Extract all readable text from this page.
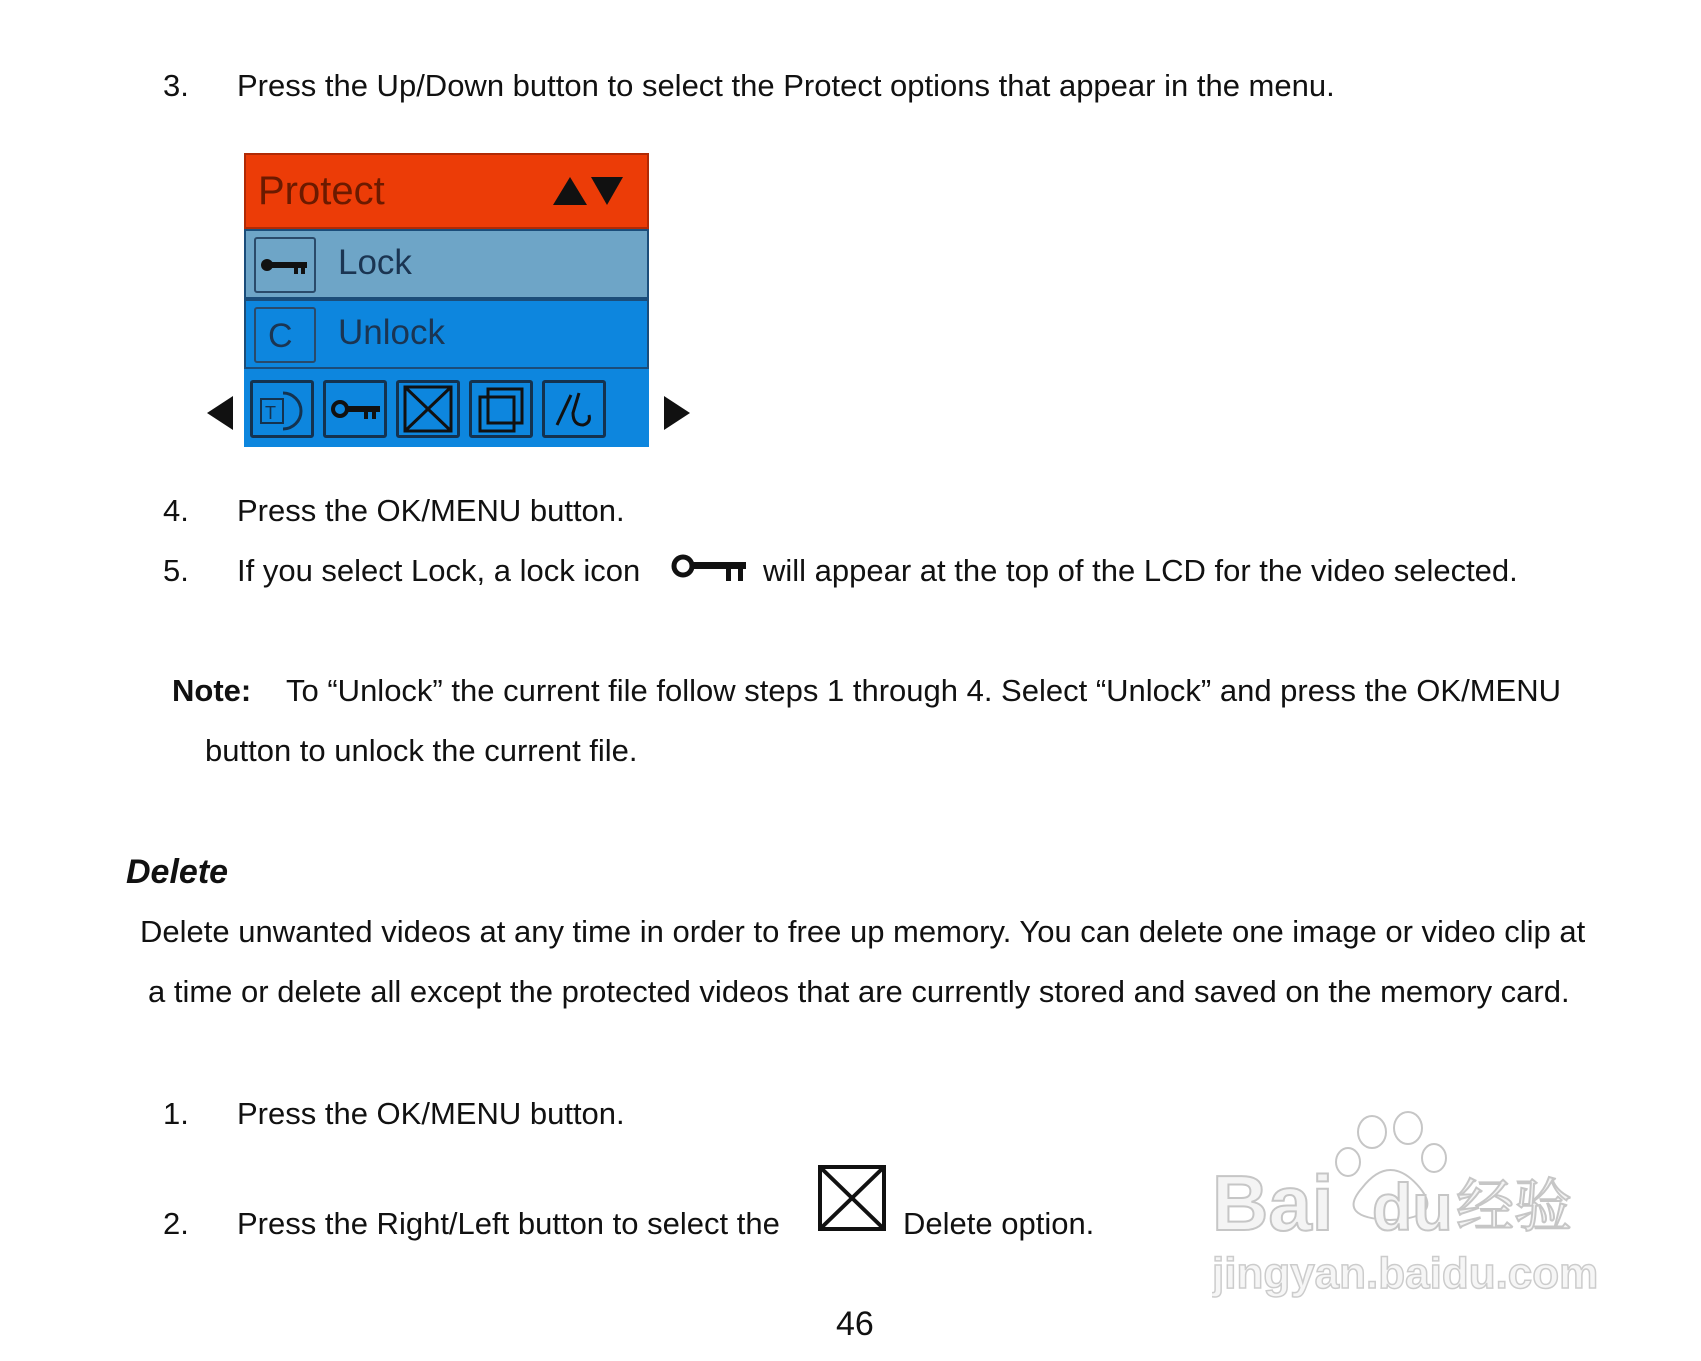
3. Press the Up/Down button to select the Protect options that appear in the menu.
Protect
Lock
C Unlock
T
4. Press the OK/MENU button.
5. If you select Lock, a lock icon	will appear at the top of the LCD for the video selected.
Note: To “Unlock” the current file follow steps 1 through 4. Select “Unlock” and press the OK/MENU
button to unlock the current file.
Delete
Delete unwanted videos at any time in order to free up memory. You can delete one image or video clip at
a time or delete all except the protected videos that are currently stored and saved on the memory card.
1. Press the OK/MENU button.
2. Press the Right/Left button to select the	Delete option.
46
Bai du 经验
jingyan.baidu.com
